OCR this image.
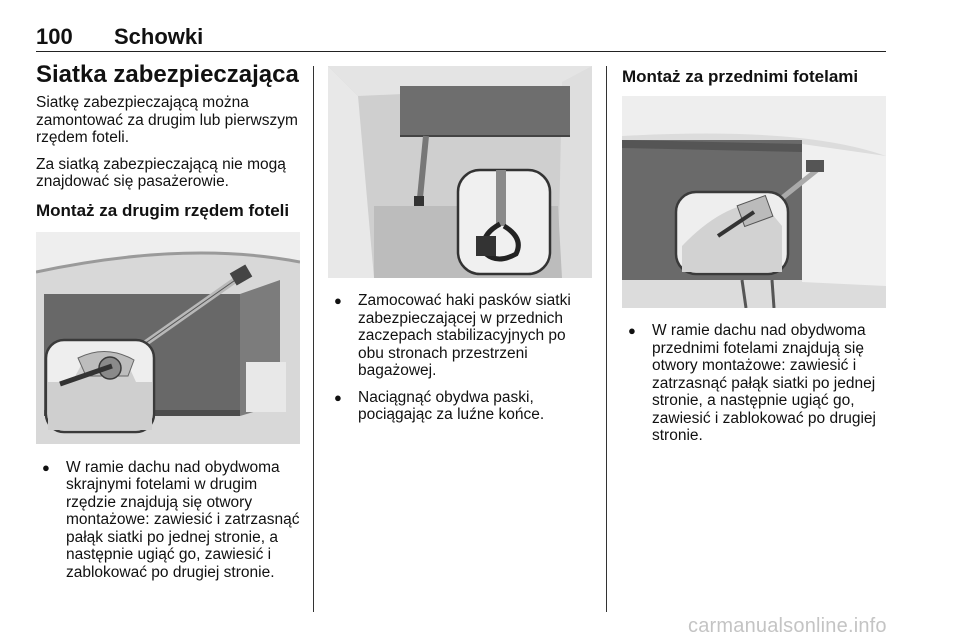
100 Schowki
Siatka zabezpieczająca

Siatkę zabezpieczającą można zamontować za drugim lub pierwszym rzędem foteli.

Za siatką zabezpieczającą nie mogą znajdować się pasażerowie.

Montaż za drugim rzędem foteli
● W ramie dachu nad obydwoma skrajnymi fotelami w drugim rzędzie znajdują się otwory montażowe: zawiesić i zatrzasnąć pałąk siatki po jednej stronie, a następnie ugiąć go, zawiesić i zablokować po drugiej stronie.
● Zamocować haki pasków siatki zabezpieczającej w przednich zaczepach stabilizacyjnych po obu stronach przestrzeni bagażowej.
● Naciągnąć obydwa paski, pociągając za luźne końce.
Montaż za przednimi fotelami
● W ramie dachu nad obydwoma przednimi fotelami znajdują się otwory montażowe: zawiesić i zatrzasnąć pałąk siatki po jednej stronie, a następnie ugiąć go, zawiesić i zablokować po drugiej stronie.
carmanualsonline.info
